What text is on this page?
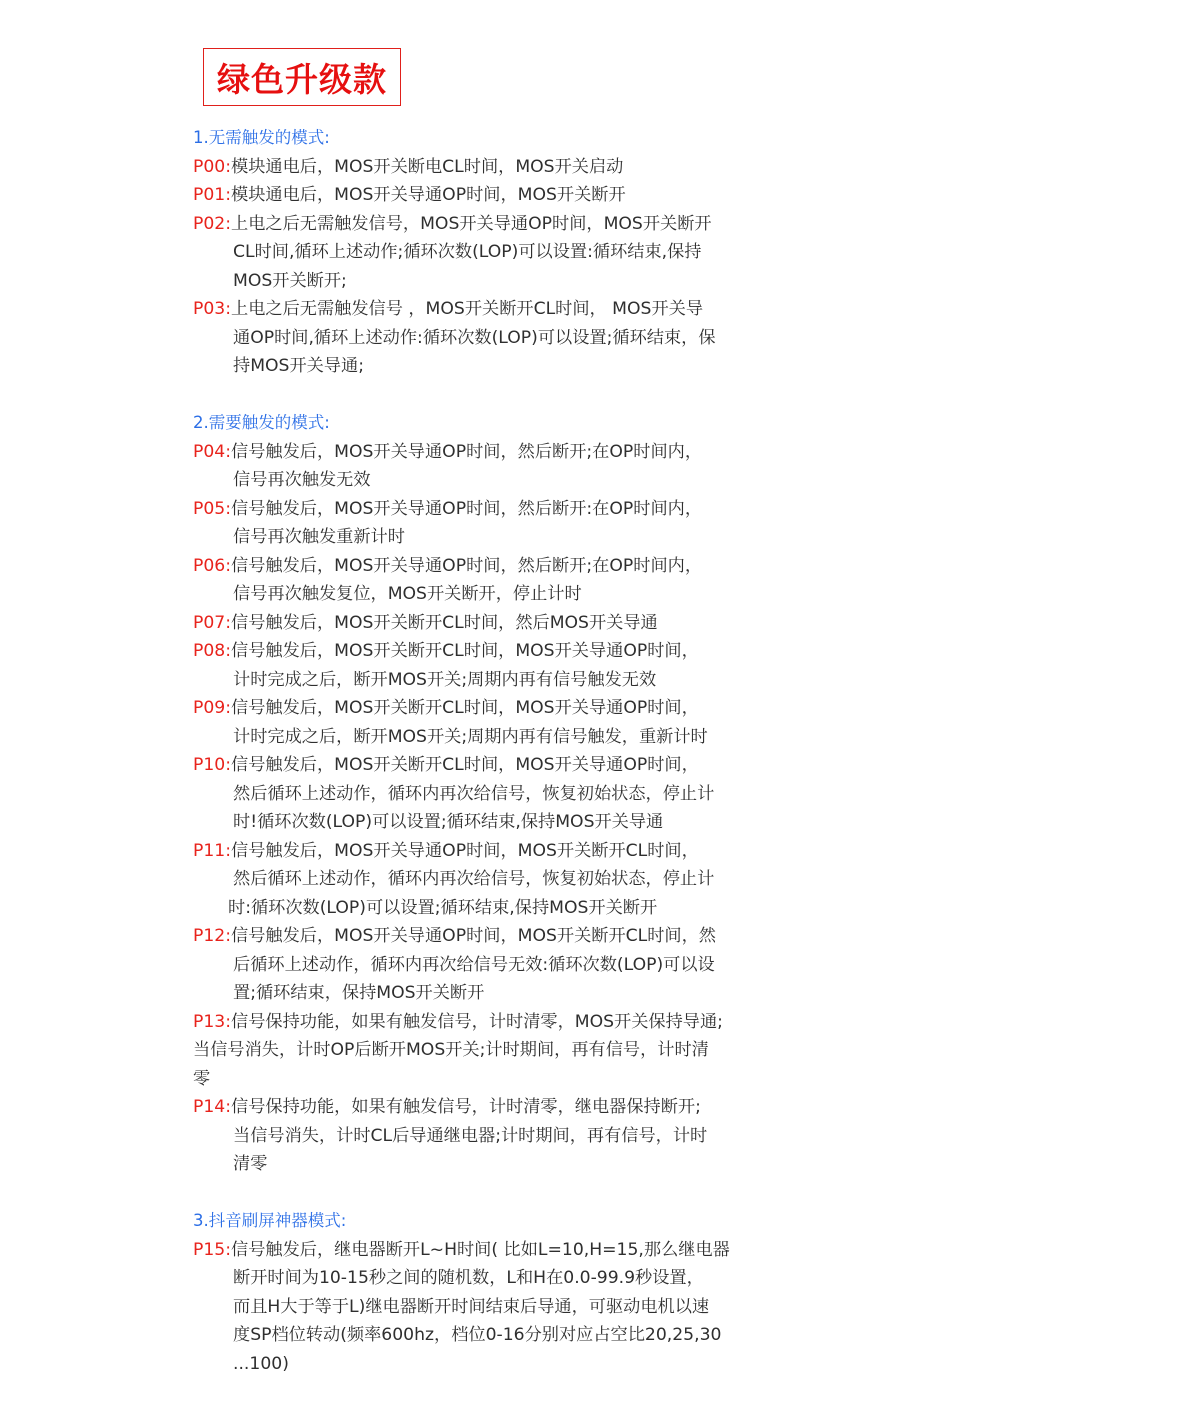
绿色升级款
1.无需触发的模式:
P00: 模块通电后，MOS开关断电CL时间，MOS开关启动
P01: 模块通电后，MOS开关导通OP时间，MOS开关断开
P02: 上电之后无需触发信号，MOS开关导通OP时间，MOS开关断开
CL时间,循环上述动作;循环次数(LOP)可以设置:循环结束,保持
MOS开关断开;
P03: 上电之后无需触发信号 ，MOS开关断开CL时间， MOS开关导
通OP时间,循环上述动作:循环次数(LOP)可以设置;循环结束，保
持MOS开关导通;
2.需要触发的模式:
P04: 信号触发后，MOS开关导通OP时间，然后断开;在OP时间内，
信号再次触发无效
P05: 信号触发后，MOS开关导通OP时间，然后断开:在OP时间内，
信号再次触发重新计时
P06: 信号触发后，MOS开关导通OP时间，然后断开;在OP时间内，
信号再次触发复位，MOS开关断开，停止计时
P07: 信号触发后，MOS开关断开CL时间，然后MOS开关导通
P08: 信号触发后，MOS开关断开CL时间，MOS开关导通OP时间，
计时完成之后，断开MOS开关;周期内再有信号触发无效
P09: 信号触发后，MOS开关断开CL时间，MOS开关导通OP时间，
计时完成之后，断开MOS开关;周期内再有信号触发，重新计时
P10: 信号触发后，MOS开关断开CL时间，MOS开关导通OP时间，
然后循环上述动作，循环内再次给信号，恢复初始状态，停止计
时!循环次数(LOP)可以设置;循环结束,保持MOS开关导通
P11: 信号触发后，MOS开关导通OP时间，MOS开关断开CL时间，
然后循环上述动作，循环内再次给信号，恢复初始状态，停止计
时:循环次数(LOP)可以设置;循环结束,保持MOS开关断开
P12: 信号触发后，MOS开关导通OP时间，MOS开关断开CL时间，然
后循环上述动作，循环内再次给信号无效:循环次数(LOP)可以设
置;循环结束，保持MOS开关断开
P13: 信号保持功能，如果有触发信号，计时清零，MOS开关保持导通;
当信号消失，计时OP后断开MOS开关;计时期间，再有信号，计时清
零
P14: 信号保持功能，如果有触发信号，计时清零，继电器保持断开;
当信号消失，计时CL后导通继电器;计时期间，再有信号，计时
清零
3.抖音刷屏神器模式:
P15: 信号触发后，继电器断开L~H时间( 比如L=10,H=15,那么继电器
断开时间为10-15秒之间的随机数，L和H在0.0-99.9秒设置，
而且H大于等于L)继电器断开时间结束后导通，可驱动电机以速
度SP档位转动(频率600hz，档位0-16分别对应占空比20,25,30
...100)
